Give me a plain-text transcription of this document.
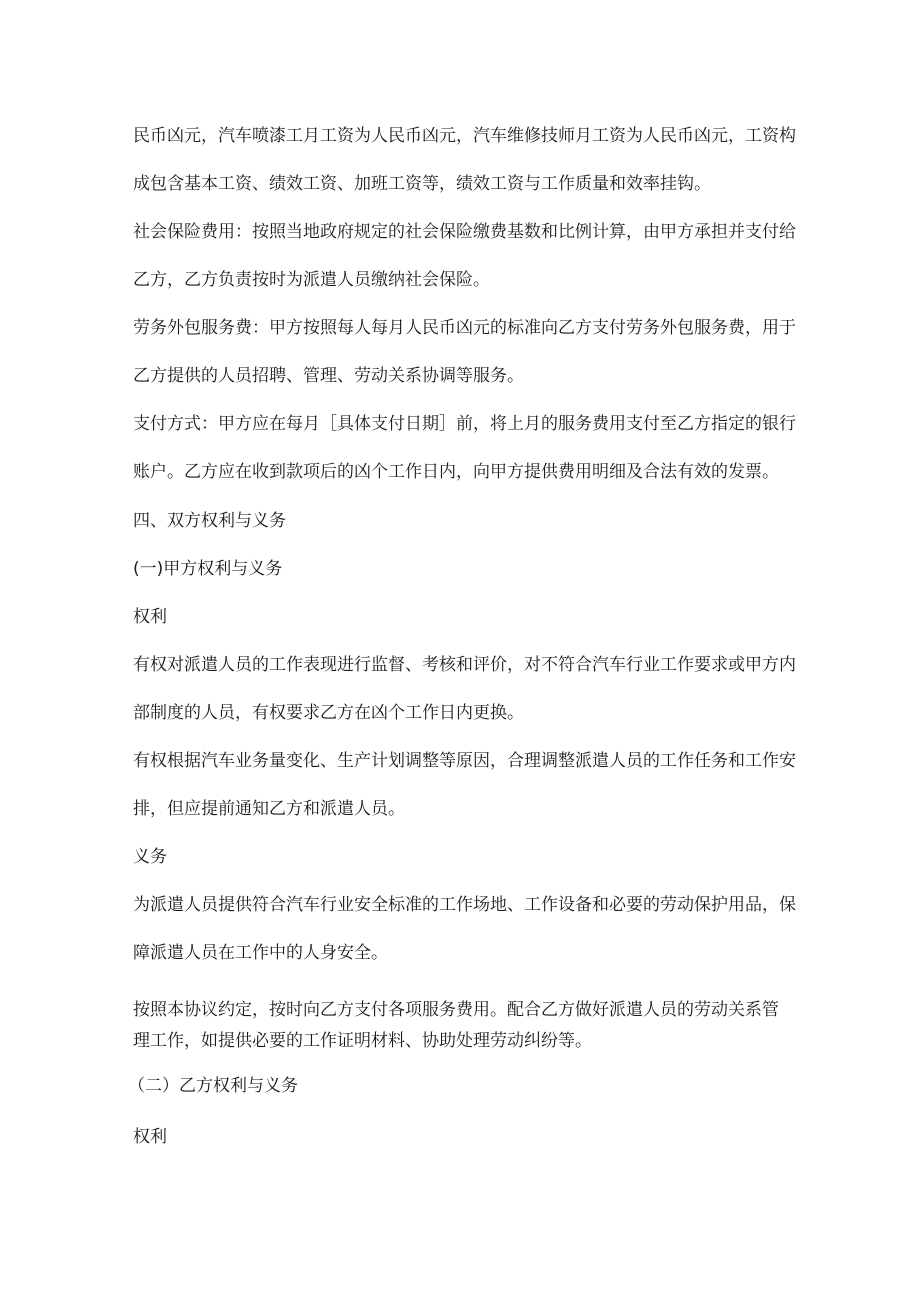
民币凶元，汽车喷漆工月工资为人民币凶元，汽车维修技师月工资为人民币凶元，工资构
成包含基本工资、绩效工资、加班工资等，绩效工资与工作质量和效率挂钩。
社会保险费用：按照当地政府规定的社会保险缴费基数和比例计算，由甲方承担并支付给
乙方，乙方负责按时为派遣人员缴纳社会保险。
劳务外包服务费：甲方按照每人每月人民币凶元的标准向乙方支付劳务外包服务费，用于
乙方提供的人员招聘、管理、劳动关系协调等服务。
支付方式：甲方应在每月［具体支付日期］前，将上月的服务费用支付至乙方指定的银行
账户。乙方应在收到款项后的凶个工作日内，向甲方提供费用明细及合法有效的发票。
四、双方权利与义务
(一)甲方权利与义务
权利
有权对派遣人员的工作表现进行监督、考核和评价，对不符合汽车行业工作要求或甲方内
部制度的人员，有权要求乙方在凶个工作日内更换。
有权根据汽车业务量变化、生产计划调整等原因，合理调整派遣人员的工作任务和工作安
排，但应提前通知乙方和派遣人员。
义务
为派遣人员提供符合汽车行业安全标准的工作场地、工作设备和必要的劳动保护用品，保
障派遣人员在工作中的人身安全。
按照本协议约定，按时向乙方支付各项服务费用。配合乙方做好派遣人员的劳动关系管
理工作，如提供必要的工作证明材料、协助处理劳动纠纷等。
（二）乙方权利与义务
权利
